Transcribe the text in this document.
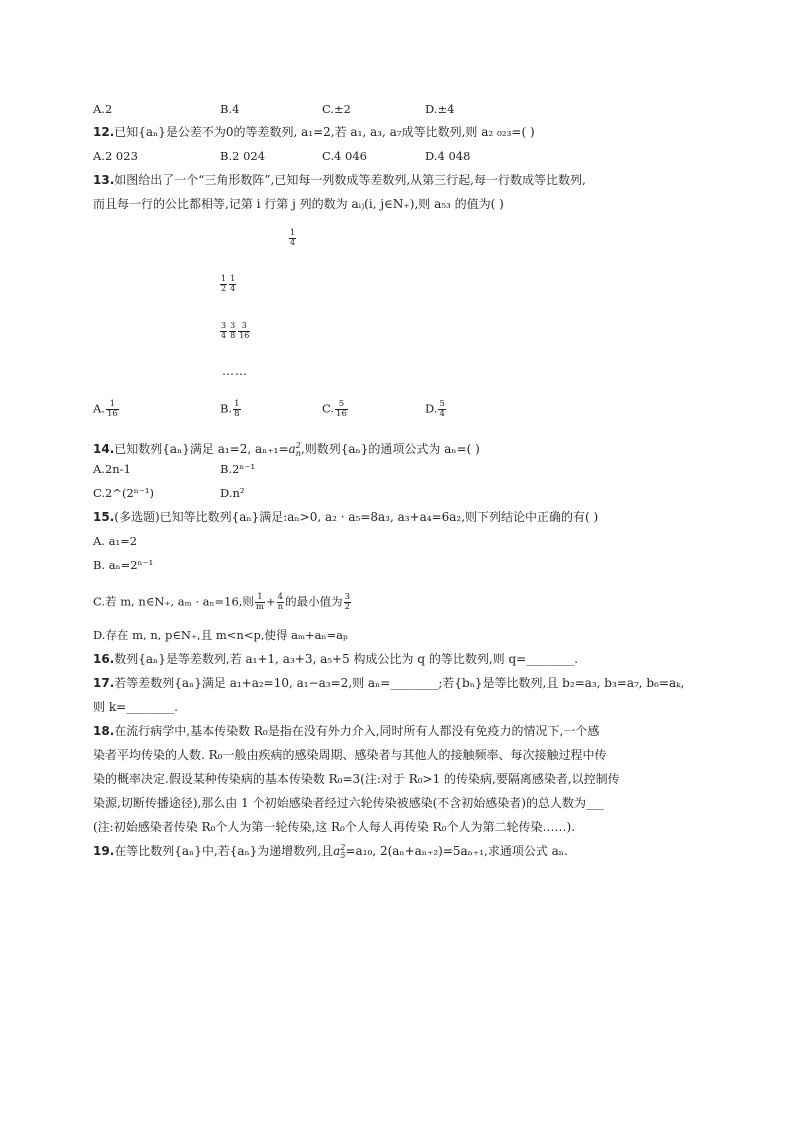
A.2	B.4	C.±2	D.±4
12.已知{aₙ}是公差不为0的等差数列, a₁=2,若 a₁, a₃, a₇成等比数列,则 a₂ ₀₂₃=( )
A.2 023	B.2 024	C.4 046	D.4 048
13.如图给出了一个“三角形数阵”,已知每一列数成等差数列,从第三行起,每一行数成等比数列,
而且每一行的公比都相等,记第 i 行第 j 列的数为 aᵢⱼ(i, j∈N₊),则 a₅₃ 的值为( )
$\frac{1}{4}$
$\frac{1}{2} \frac{1}{4}$
$\frac{3}{4} \frac{3}{8} \frac{3}{16}$
……
A. $\frac{1}{16}$	B. $\frac{1}{8}$	C. $\frac{5}{16}$	D. $\frac{5}{4}$
14.已知数列{aₙ}满足 a₁=2, $a_{n+1}=a^2_n$,则数列{aₙ}的通项公式为 aₙ=( )
A.2n-1	B.2ⁿ⁻¹
C.2^(2ⁿ⁻¹)	D.n²
15.(多选题)已知等比数列{aₙ}满足:aₙ>0, a₂ · a₅=8a₃, a₃+a₄=6a₂,则下列结论中正确的有( )
A. a₁=2
B. aₙ=2ⁿ⁻¹
C.若 m, n∈N₊, aₘ · aₙ=16,则 $\frac{1}{m} + \frac{4}{n}$ 的最小值为 $\frac{3}{2}$
D.存在 m, n, p∈N₊,且 m<n<p,使得 aₘ+aₙ=aₚ
16.数列{aₙ}是等差数列,若 a₁+1, a₃+3, a₅+5 构成公比为 q 的等比数列,则 q=________.
17.若等差数列{aₙ}满足 a₁+a₂=10, a₁−a₃=2,则 aₙ=________;若{bₙ}是等比数列,且 b₂=a₃, b₃=a₇, b₆=aₖ,
则 k=________.
18.在流行病学中,基本传染数 R₀是指在没有外力介入,同时所有人都没有免疫力的情况下,一个感
染者平均传染的人数. R₀一般由疾病的感染周期、感染者与其他人的接触频率、每次接触过程中传
染的概率决定.假设某种传染病的基本传染数 R₀=3(注:对于 R₀>1 的传染病,要隔离感染者,以控制传
染源,切断传播途径),那么由 1 个初始感染者经过六轮传染被感染(不含初始感染者)的总人数为___
(注:初始感染者传染 R₀个人为第一轮传染,这 R₀个人每人再传染 R₀个人为第二轮传染……).
19.在等比数列{aₙ}中,若{aₙ}为递增数列,且$a^2_5=a_{10}$, 2(aₙ+aₙ₊₂)=5aₙ₊₁,求通项公式 aₙ.
